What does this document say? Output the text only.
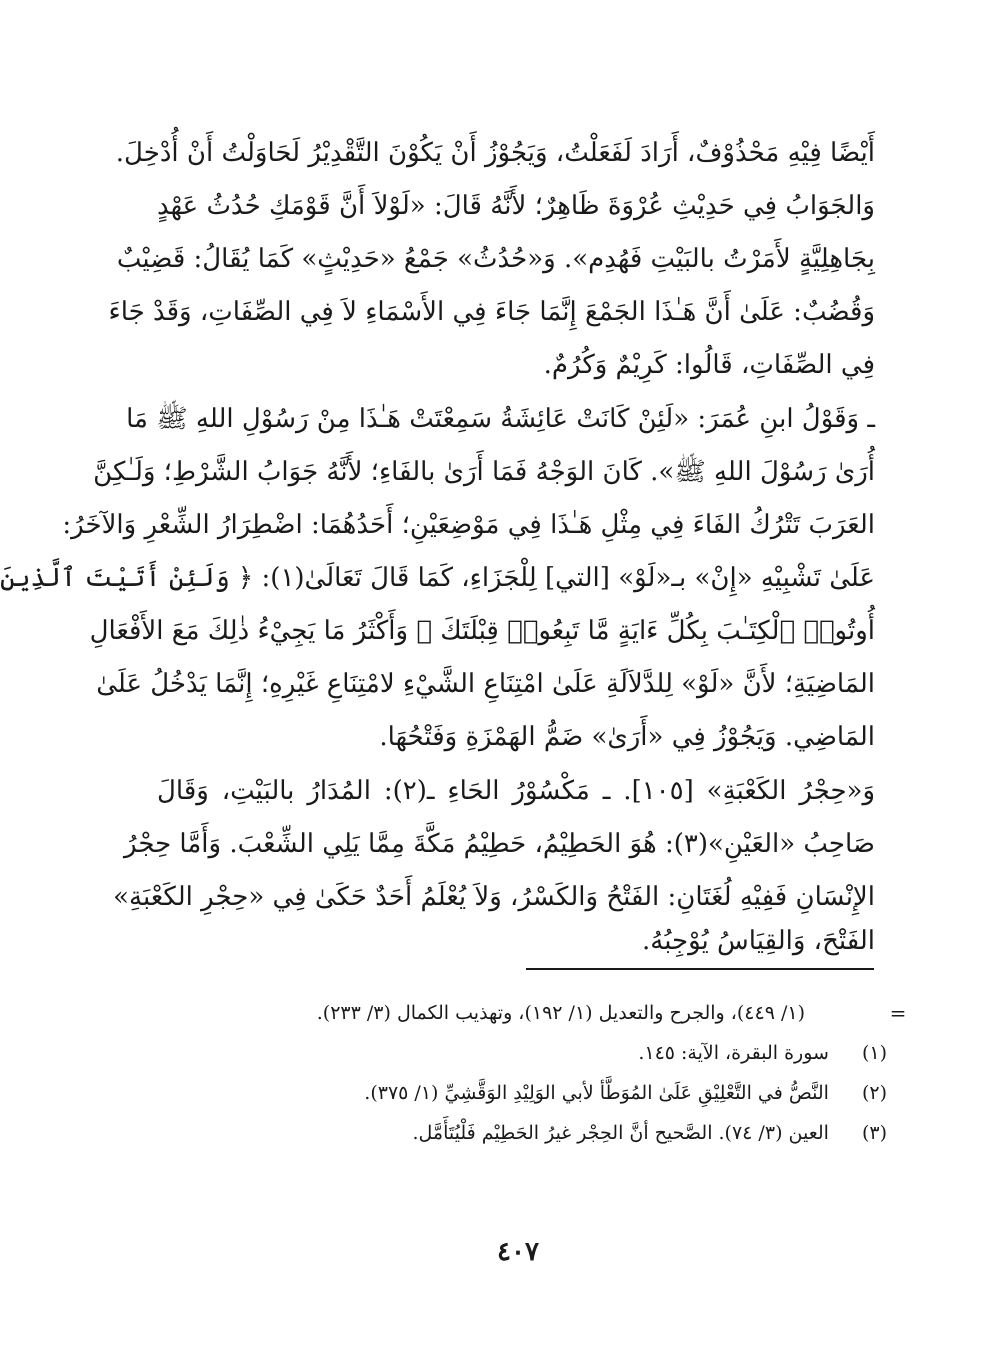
أَيْضًا فِيْهِ مَحْذُوْفٌ، أَرَادَ لَفَعَلْتُ، وَيَجُوْزُ أَنْ يَكُوْنَ التَّقْدِيْرُ لَحَاوَلْتُ أَنْ أُدْخِلَ.
وَالجَوَابُ فِي حَدِيْثِ عُرْوَةَ ظَاهِرٌ؛ لأَنَّهُ قَالَ: «لَوْلاَ أَنَّ قَوْمَكِ حُدُثُ عَهْدٍ
بِجَاهِلِيَّةٍ لأَمَرْتُ بالبَيْتِ فَهُدِم». وَ«حُدُثُ» جَمْعُ «حَدِيْثٍ» كَمَا يُقَالُ: قَضِيْبٌ
وَقُضُبٌ: عَلَىٰ أَنَّ هَـٰذَا الجَمْعَ إِنَّمَا جَاءَ فِي الأَسْمَاءِ لاَ فِي الصِّفَاتِ، وَقَدْ جَاءَ
فِي الصِّفَاتِ، قَالُوا: كَرِيْمٌ وَكُرُمٌ.
ـ وَقَوْلُ ابنِ عُمَرَ: «لَئِنْ كَانَتْ عَائِشَةُ سَمِعْتَتْ هَـٰذَا مِنْ رَسُوْلِ اللهِ ﷺ مَا
أُرَىٰ رَسُوْلَ اللهِ ﷺ». كَانَ الوَجْهُ فَمَا أَرَىٰ بالفَاءِ؛ لأَنَّهُ جَوَابُ الشَّرْطِ؛ وَلَـٰكِنَّ
العَرَبَ تَتْرُكُ الفَاءَ فِي مِثْلِ هَـٰذَا فِي مَوْضِعَيْنِ؛ أَحَدُهُمَا: اضْطِرَارُ الشِّعْرِ وَالآخَرُ:
عَلَىٰ تَشْبِيْهِ «إِنْ» بـ«لَوْ» [التي] لِلْجَزَاءِ، كَمَا قَالَ تَعَالَىٰ(١): ﴿ وَلَئِنْ أَتَيْتَ ٱلَّذِينَ
أُوتُوا۟ ٱلْكِتَـٰبَ بِكُلِّ ءَايَةٍ مَّا تَبِعُوا۟ قِبْلَتَكَ ﴾ وَأَكْثَرُ مَا يَجِيْءُ ذٰلِكَ مَعَ الأَفْعَالِ
المَاضِيَةِ؛ لأَنَّ «لَوْ» لِلدَّلاَلَةِ عَلَىٰ امْتِنَاعِ الشَّيْءِ لامْتِنَاعِ غَيْرِهِ؛ إِنَّمَا يَدْخُلُ عَلَىٰ
المَاضِي. وَيَجُوْزُ فِي «أَرَىٰ» ضَمُّ الهَمْزَةِ وَفَتْحُهَا.
وَ«حِجْرُ الكَعْبَةِ» [١٠٥]. ـ مَكْسُوْرُ الحَاءِ ـ(٢): المُدَارُ بالبَيْتِ، وَقَالَ
صَاحِبُ «العَيْنِ»(٣): هُوَ الحَطِيْمُ، حَطِيْمُ مَكَّةَ مِمَّا يَلِي الشِّعْبَ. وَأَمَّا حِجْرُ
الإِنْسَانِ فَفِيْهِ لُغَتَانِ: الفَتْحُ وَالكَسْرُ، وَلاَ يُعْلَمُ أَحَدٌ حَكَىٰ فِي «حِجْرِ الكَعْبَةِ»
الفَتْحَ، وَالقِيَاسُ يُوْجِبُهُ.
=
(١/ ٤٤٩)، والجرح والتعديل (١/ ١٩٢)، وتهذيب الكمال (٣/ ٢٣٣).
(١) سورة البقرة، الآية: ١٤٥.
(٢) النَّصُّ في التَّعْلِيْقِ عَلَىٰ المُوَطَّأ لأبي الوَلِيْدِ الوَقَّشِيِّ (١/ ٣٧٥).
(٣) العين (٣/ ٧٤). الصَّحيح أنَّ الحِجْر غيرُ الحَطِيْم فَلْيُتَأَمَّل.
٤٠٧
